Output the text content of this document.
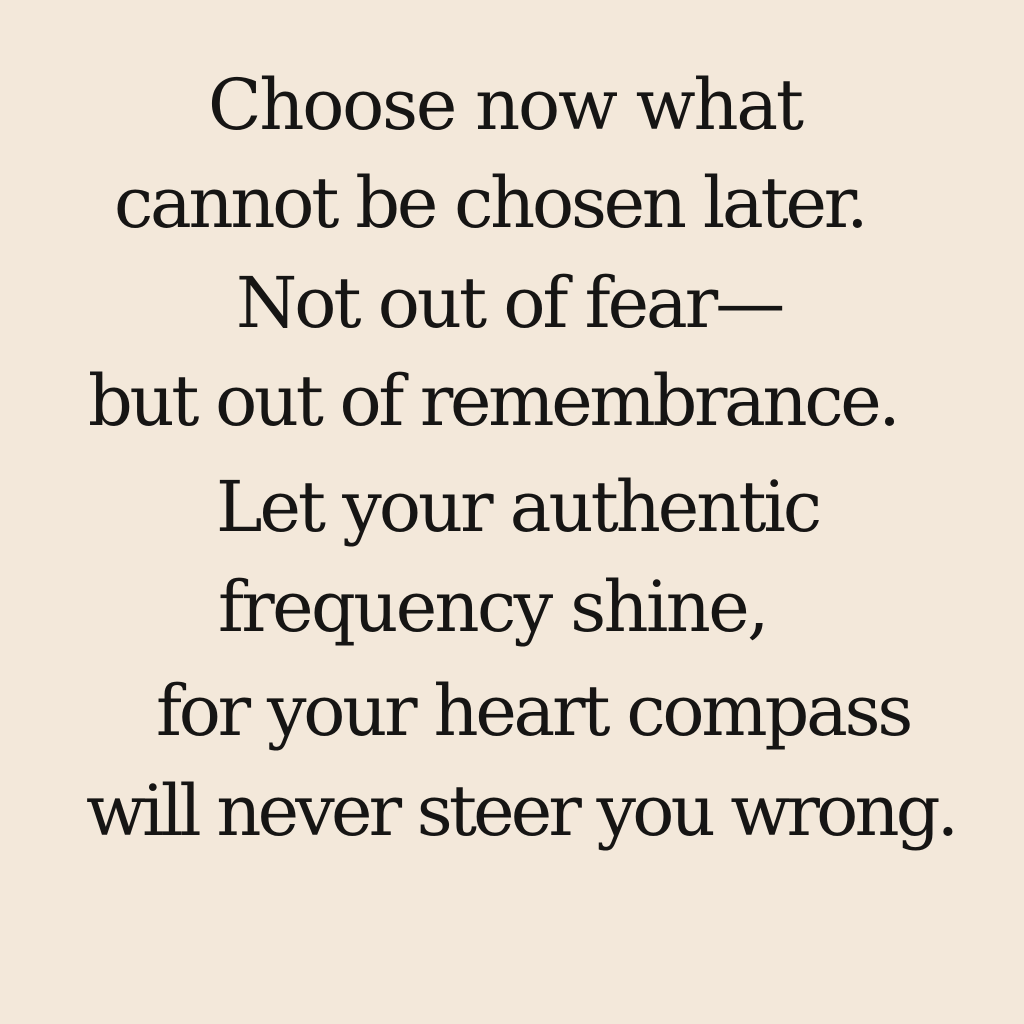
Choose now what

cannot be chosen later.

Not out of fear—

but out of remembrance.

Let your authentic

frequency shine,

for your heart compass

will never steer you wrong.
